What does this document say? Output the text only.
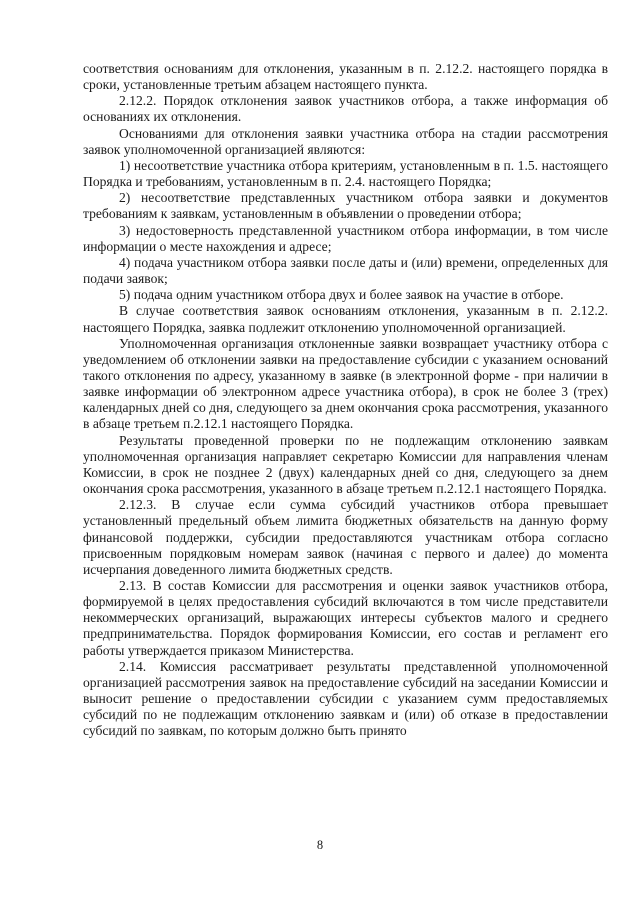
соответствия основаниям для отклонения, указанным в п. 2.12.2. настоящего порядка в сроки, установленные третьим абзацем настоящего пункта.

2.12.2. Порядок отклонения заявок участников отбора, а также информация об основаниях их отклонения.

Основаниями для отклонения заявки участника отбора на стадии рассмотрения заявок уполномоченной организацией являются:

1) несоответствие участника отбора критериям, установленным в п. 1.5. настоящего Порядка и требованиям, установленным в п. 2.4. настоящего Порядка;

2) несоответствие представленных участником отбора заявки и документов требованиям к заявкам, установленным в объявлении о проведении отбора;

3) недостоверность представленной участником отбора информации, в том числе информации о месте нахождения и адресе;

4) подача участником отбора заявки после даты и (или) времени, определенных для подачи заявок;

5) подача одним участником отбора двух и более заявок на участие в отборе.

В случае соответствия заявок основаниям отклонения, указанным в п. 2.12.2. настоящего Порядка, заявка подлежит отклонению уполномоченной организацией.

Уполномоченная организация отклоненные заявки возвращает участнику отбора с уведомлением об отклонении заявки на предоставление субсидии с указанием оснований такого отклонения по адресу, указанному в заявке (в электронной форме - при наличии в заявке информации об электронном адресе участника отбора), в срок не более 3 (трех) календарных дней со дня, следующего за днем окончания срока рассмотрения, указанного в абзаце третьем п.2.12.1 настоящего Порядка.

Результаты проведенной проверки по не подлежащим отклонению заявкам уполномоченная организация направляет секретарю Комиссии для направления членам Комиссии, в срок не позднее 2 (двух) календарных дней со дня, следующего за днем окончания срока рассмотрения, указанного в абзаце третьем п.2.12.1 настоящего Порядка.

2.12.3. В случае если сумма субсидий участников отбора превышает установленный предельный объем лимита бюджетных обязательств на данную форму финансовой поддержки, субсидии предоставляются участникам отбора согласно присвоенным порядковым номерам заявок (начиная с первого и далее) до момента исчерпания доведенного лимита бюджетных средств.

2.13. В состав Комиссии для рассмотрения и оценки заявок участников отбора, формируемой в целях предоставления субсидий включаются в том числе представители некоммерческих организаций, выражающих интересы субъектов малого и среднего предпринимательства. Порядок формирования Комиссии, его состав и регламент его работы утверждается приказом Министерства.

2.14. Комиссия рассматривает результаты представленной уполномоченной организацией рассмотрения заявок на предоставление субсидий на заседании Комиссии и выносит решение о предоставлении субсидии с указанием сумм предоставляемых субсидий по не подлежащим отклонению заявкам и (или) об отказе в предоставлении субсидий по заявкам, по которым должно быть принято

8
